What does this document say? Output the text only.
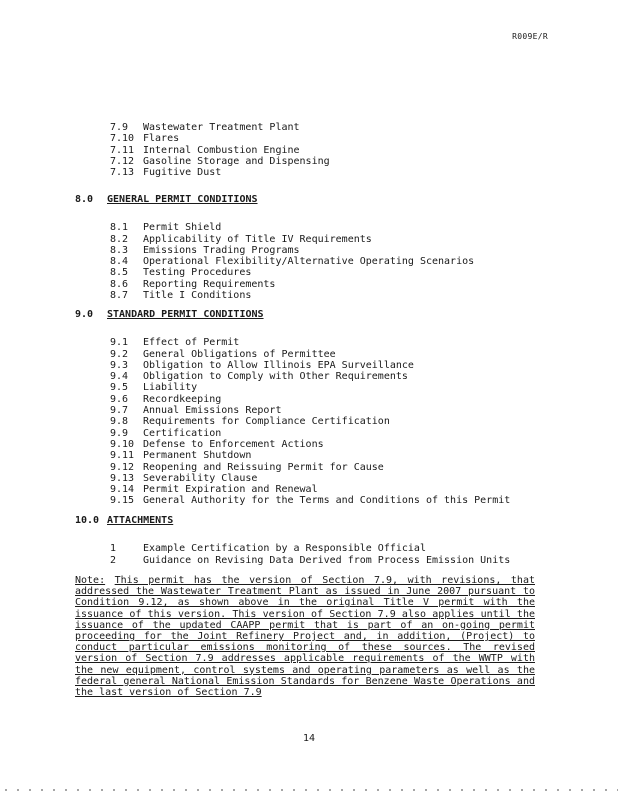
R009E/R
7.9 Wastewater Treatment Plant
7.10 Flares
7.11 Internal Combustion Engine
7.12 Gasoline Storage and Dispensing
7.13 Fugitive Dust
8.0 GENERAL PERMIT CONDITIONS
8.1 Permit Shield
8.2 Applicability of Title IV Requirements
8.3 Emissions Trading Programs
8.4 Operational Flexibility/Alternative Operating Scenarios
8.5 Testing Procedures
8.6 Reporting Requirements
8.7 Title I Conditions
9.0 STANDARD PERMIT CONDITIONS
9.1 Effect of Permit
9.2 General Obligations of Permittee
9.3 Obligation to Allow Illinois EPA Surveillance
9.4 Obligation to Comply with Other Requirements
9.5 Liability
9.6 Recordkeeping
9.7 Annual Emissions Report
9.8 Requirements for Compliance Certification
9.9 Certification
9.10 Defense to Enforcement Actions
9.11 Permanent Shutdown
9.12 Reopening and Reissuing Permit for Cause
9.13 Severability Clause
9.14 Permit Expiration and Renewal
9.15 General Authority for the Terms and Conditions of this Permit
10.0 ATTACHMENTS
1	Example Certification by a Responsible Official
2	Guidance on Revising Data Derived from Process Emission Units
Note: This permit has the version of Section 7.9, with revisions, that addressed the Wastewater Treatment Plant as issued in June 2007 pursuant to Condition 9.12, as shown above in the original Title V permit with the issuance of this version. This version of Section 7.9 also applies until the issuance of the updated CAAPP permit that is part of an on-going permit proceeding for the Joint Refinery Project and, in addition, (Project) to conduct particular emissions monitoring of these sources. The revised version of Section 7.9 addresses applicable requirements of the WWTP with the new equipment, control systems and operating parameters as well as the federal general National Emission Standards for Benzene Waste Operations and the last version of Section 7.9
14
